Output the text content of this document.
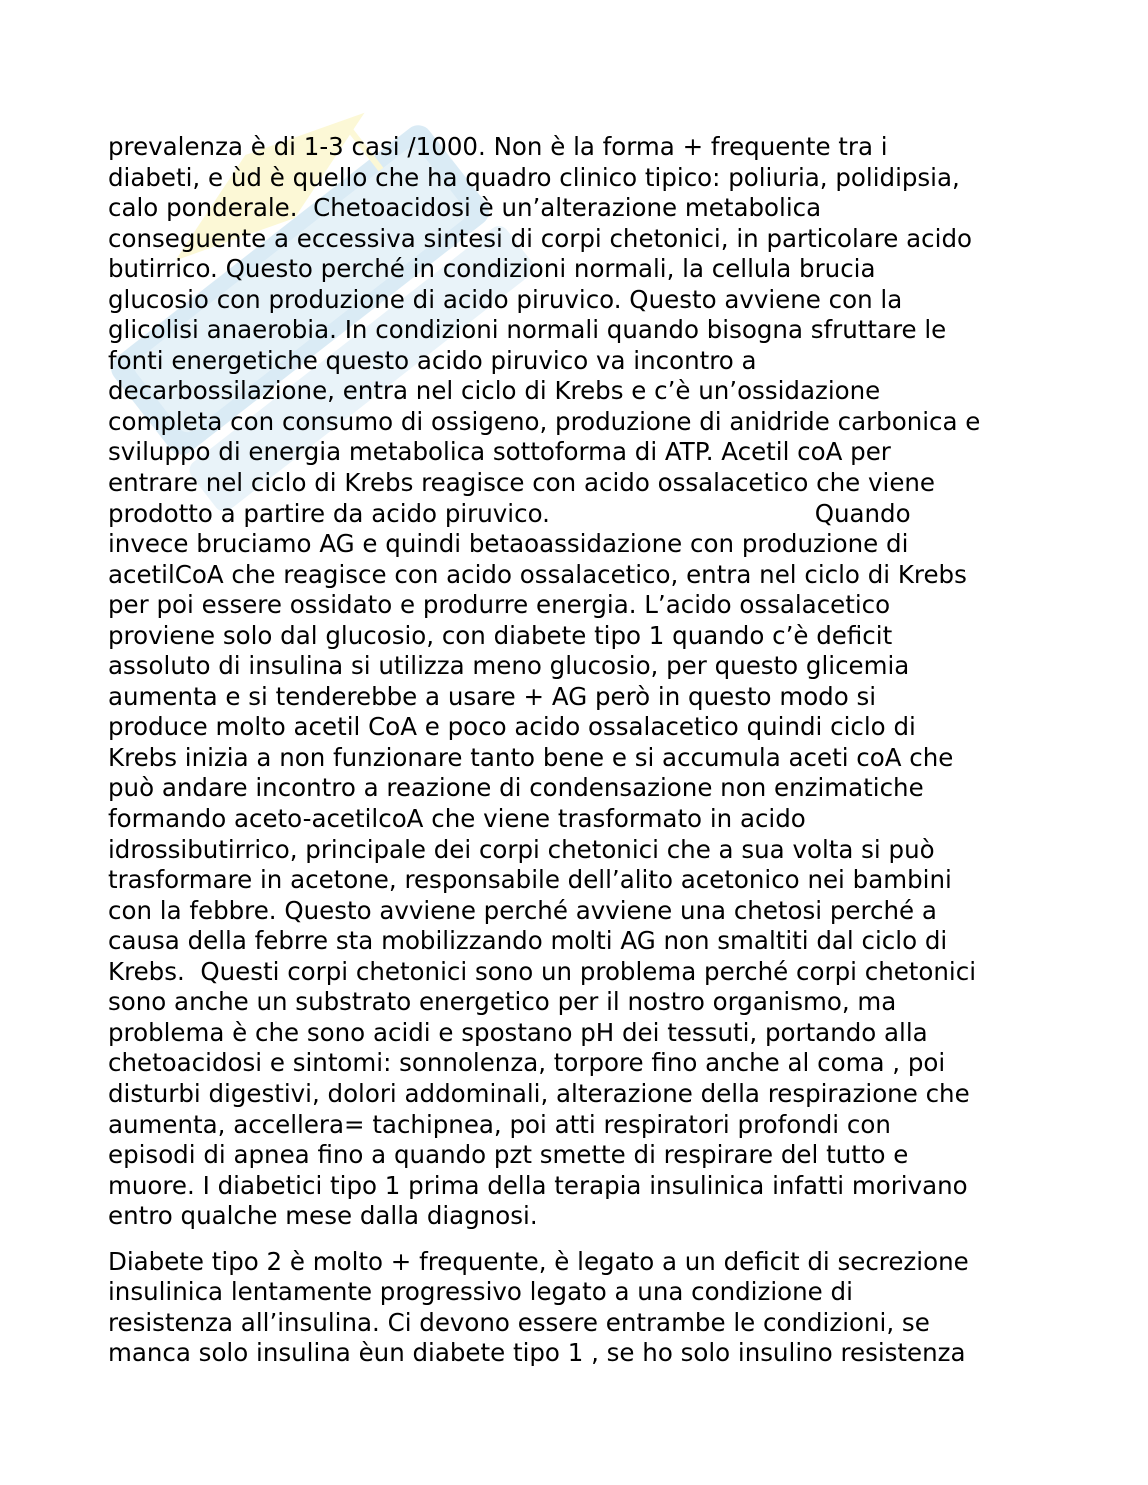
prevalenza è di 1-3 casi /1000. Non è la forma + frequente tra i
diabeti, e ùd è quello che ha quadro clinico tipico: poliuria, polidipsia,
calo ponderale.  Chetoacidosi è un’alterazione metabolica
conseguente a eccessiva sintesi di corpi chetonici, in particolare acido
butirrico. Questo perché in condizioni normali, la cellula brucia
glucosio con produzione di acido piruvico. Questo avviene con la
glicolisi anaerobia. In condizioni normali quando bisogna sfruttare le
fonti energetiche questo acido piruvico va incontro a
decarbossilazione, entra nel ciclo di Krebs e c’è un’ossidazione
completa con consumo di ossigeno, produzione di anidride carbonica e
sviluppo di energia metabolica sottoforma di ATP. Acetil coA per
entrare nel ciclo di Krebs reagisce con acido ossalacetico che viene
prodotto a partire da acido piruvico.                                  Quando
invece bruciamo AG e quindi betaoassidazione con produzione di
acetilCoA che reagisce con acido ossalacetico, entra nel ciclo di Krebs
per poi essere ossidato e produrre energia. L’acido ossalacetico
proviene solo dal glucosio, con diabete tipo 1 quando c’è deficit
assoluto di insulina si utilizza meno glucosio, per questo glicemia
aumenta e si tenderebbe a usare + AG però in questo modo si
produce molto acetil CoA e poco acido ossalacetico quindi ciclo di
Krebs inizia a non funzionare tanto bene e si accumula aceti coA che
può andare incontro a reazione di condensazione non enzimatiche
formando aceto-acetilcoA che viene trasformato in acido
idrossibutirrico, principale dei corpi chetonici che a sua volta si può
trasformare in acetone, responsabile dell’alito acetonico nei bambini
con la febbre. Questo avviene perché avviene una chetosi perché a
causa della febrre sta mobilizzando molti AG non smaltiti dal ciclo di
Krebs.  Questi corpi chetonici sono un problema perché corpi chetonici
sono anche un substrato energetico per il nostro organismo, ma
problema è che sono acidi e spostano pH dei tessuti, portando alla
chetoacidosi e sintomi: sonnolenza, torpore fino anche al coma , poi
disturbi digestivi, dolori addominali, alterazione della respirazione che
aumenta, accellera= tachipnea, poi atti respiratori profondi con
episodi di apnea fino a quando pzt smette di respirare del tutto e
muore. I diabetici tipo 1 prima della terapia insulinica infatti morivano
entro qualche mese dalla diagnosi.

Diabete tipo 2 è molto + frequente, è legato a un deficit di secrezione
insulinica lentamente progressivo legato a una condizione di
resistenza all’insulina. Ci devono essere entrambe le condizioni, se
manca solo insulina èun diabete tipo 1 , se ho solo insulino resistenza
